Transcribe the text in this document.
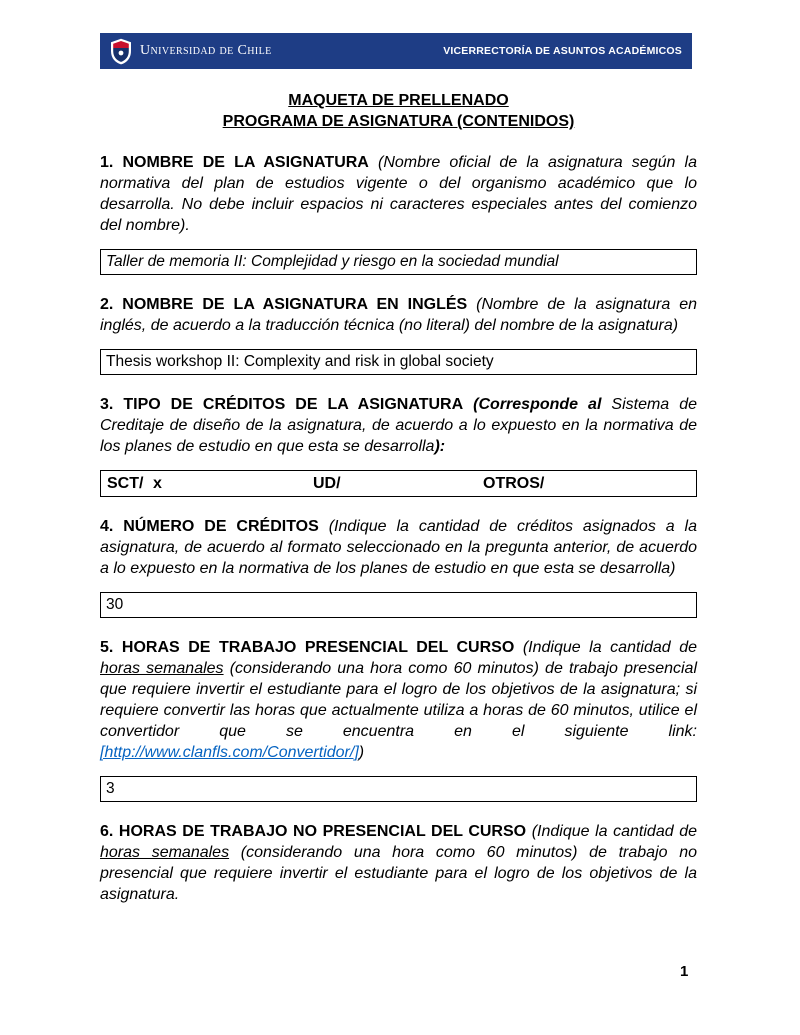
Universidad de Chile	VICERRECTORÍA DE ASUNTOS ACADÉMICOS
MAQUETA DE PRELLENADO
PROGRAMA DE ASIGNATURA (CONTENIDOS)

1. NOMBRE DE LA ASIGNATURA (Nombre oficial de la asignatura según la normativa del plan de estudios vigente o del organismo académico que lo desarrolla. No debe incluir espacios ni caracteres especiales antes del comienzo del nombre).

Taller de memoria II: Complejidad y riesgo en la sociedad mundial

2. NOMBRE DE LA ASIGNATURA EN INGLÉS (Nombre de la asignatura en inglés, de acuerdo a la traducción técnica (no literal) del nombre de la asignatura)

Thesis workshop II: Complexity and risk in global society

3. TIPO DE CRÉDITOS DE LA ASIGNATURA (Corresponde al Sistema de Creditaje de diseño de la asignatura, de acuerdo a lo expuesto en la normativa de los planes de estudio en que esta se desarrolla):

SCT/ x	UD/	OTROS/

4. NÚMERO DE CRÉDITOS (Indique la cantidad de créditos asignados a la asignatura, de acuerdo al formato seleccionado en la pregunta anterior, de acuerdo a lo expuesto en la normativa de los planes de estudio en que esta se desarrolla)

30

5. HORAS DE TRABAJO PRESENCIAL DEL CURSO (Indique la cantidad de horas semanales (considerando una hora como 60 minutos) de trabajo presencial que requiere invertir el estudiante para el logro de los objetivos de la asignatura; si requiere convertir las horas que actualmente utiliza a horas de 60 minutos, utilice el convertidor que se encuentra en el siguiente link: [http://www.clanfls.com/Convertidor/])

3

6. HORAS DE TRABAJO NO PRESENCIAL DEL CURSO (Indique la cantidad de horas semanales (considerando una hora como 60 minutos) de trabajo no presencial que requiere invertir el estudiante para el logro de los objetivos de la asignatura.

1
